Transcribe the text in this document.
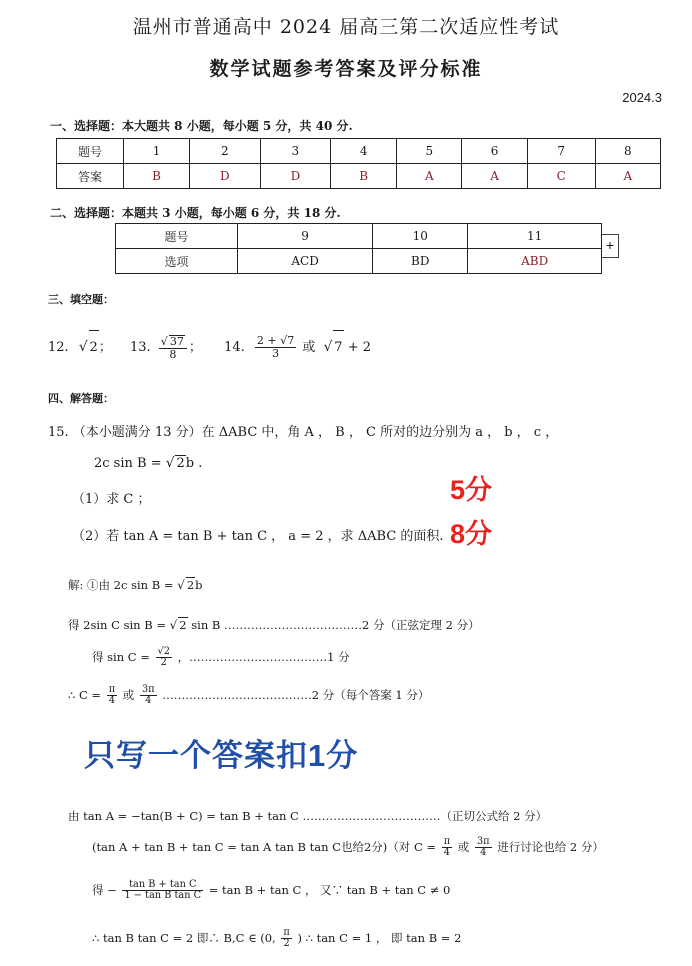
温州市普通高中 2024 届高三第二次适应性考试
数学试题参考答案及评分标准
2024.3
一、选择题：本大题共 8 小题，每小题 5 分，共 40 分.
题号	1	2	3	4	5	6	7	8
答案	B	D	D	B	A	A	C	A
二、选择题：本题共 3 小题，每小题 6 分，共 18 分.
题号	9	10	11
选项	ACD	BD	ABD
+
三、填空题：
12. √ 2； 13. $\frac{√ 37}{8}$ ； 14. $\frac{2 + √7}{3}$ 或 √ 7 + 2
四、解答题：
15. （本小题满分 13 分）在 ΔABC 中，角 A ， B ， C 所对的边分别为 a ， b ， c ，
2c sin B = √ 2b .
（1）求 C ；	5分
（2）若 tan A = tan B + tan C ， a = 2 ，求 ΔABC 的面积. 8分
解: ①由 2c sin B = √ 2b
得 2sin C sin B = √ 2 sin B ………………………………2 分（正弦定理 2 分）
得 $\sin C = \frac{√2}{2}$ ，………………………………1 分
∴ $C = \frac{\pi}{4}$ 或 $\frac{3\pi}{4}$ …………………………………2 分（每个答案 1 分）
只写一个答案扣1分
由 tan A = −tan(B + C) = tan B + tan C ………………………………（正切公式给 2 分）
(tan A + tan B + tan C = tan A tan B tan C也给2分)（对 $C = \frac{\pi}{4}$ 或 $\frac{3\pi}{4}$ 进行讨论也给 2 分）
得 − $\frac{\text{tan B + tan C}}{\text{1 − tan B tan C}} = \tan B + \tan C$ ， 又∵ tan B + tan C ≠ 0
∴ tan B tan C = 2 即∴ B,C ∈ (0, $\frac{\pi}{2}$ ) ∴ tan C = 1 ， 即 tan B = 2
